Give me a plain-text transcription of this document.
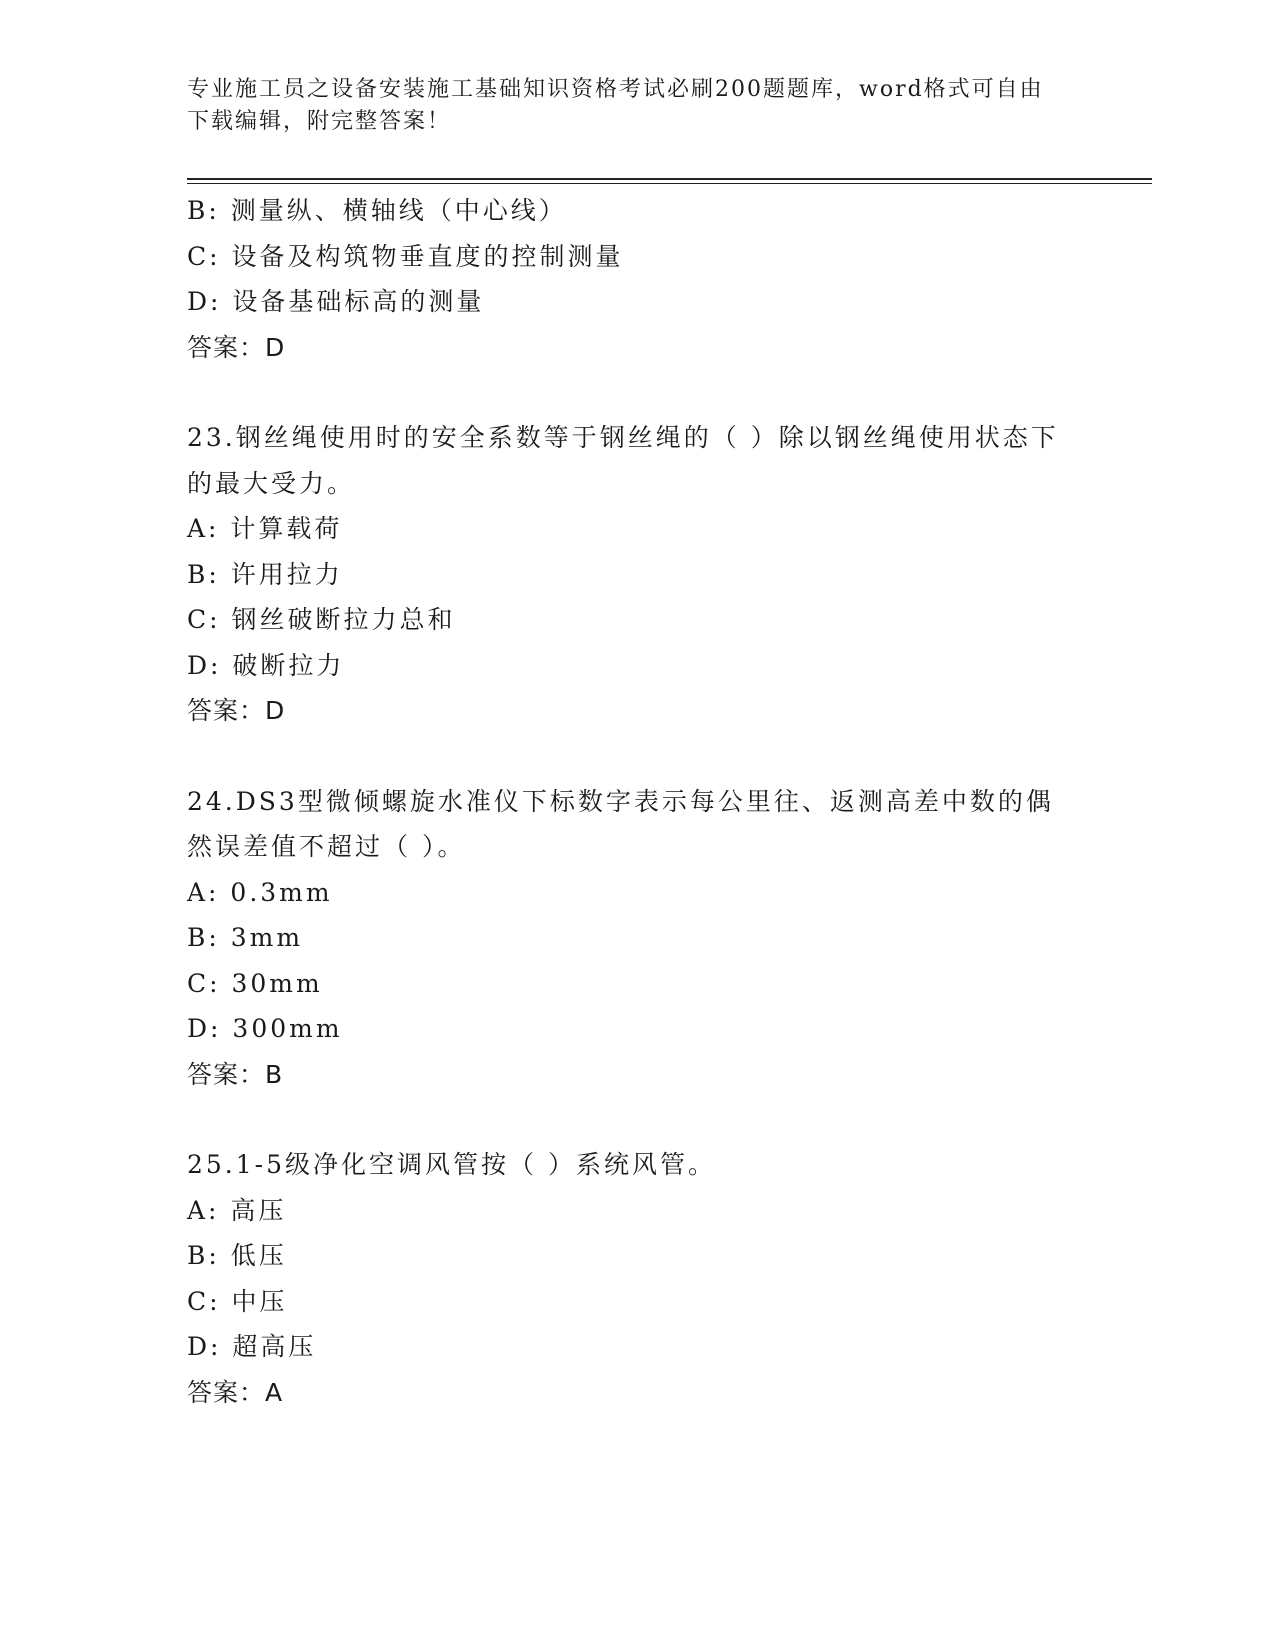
专业施工员之设备安装施工基础知识资格考试必刷200题题库，word格式可自由下载编辑，附完整答案！
B: 测量纵、横轴线（中心线）
C: 设备及构筑物垂直度的控制测量
D: 设备基础标高的测量
答案：D
23.钢丝绳使用时的安全系数等于钢丝绳的（ ）除以钢丝绳使用状态下的最大受力。
A: 计算载荷
B: 许用拉力
C: 钢丝破断拉力总和
D: 破断拉力
答案：D
24.DS3型微倾螺旋水准仪下标数字表示每公里往、返测高差中数的偶然误差值不超过（ ）。
A: 0.3mm
B: 3mm
C: 30mm
D: 300mm
答案：B
25.1-5级净化空调风管按（ ）系统风管。
A: 高压
B: 低压
C: 中压
D: 超高压
答案：A
